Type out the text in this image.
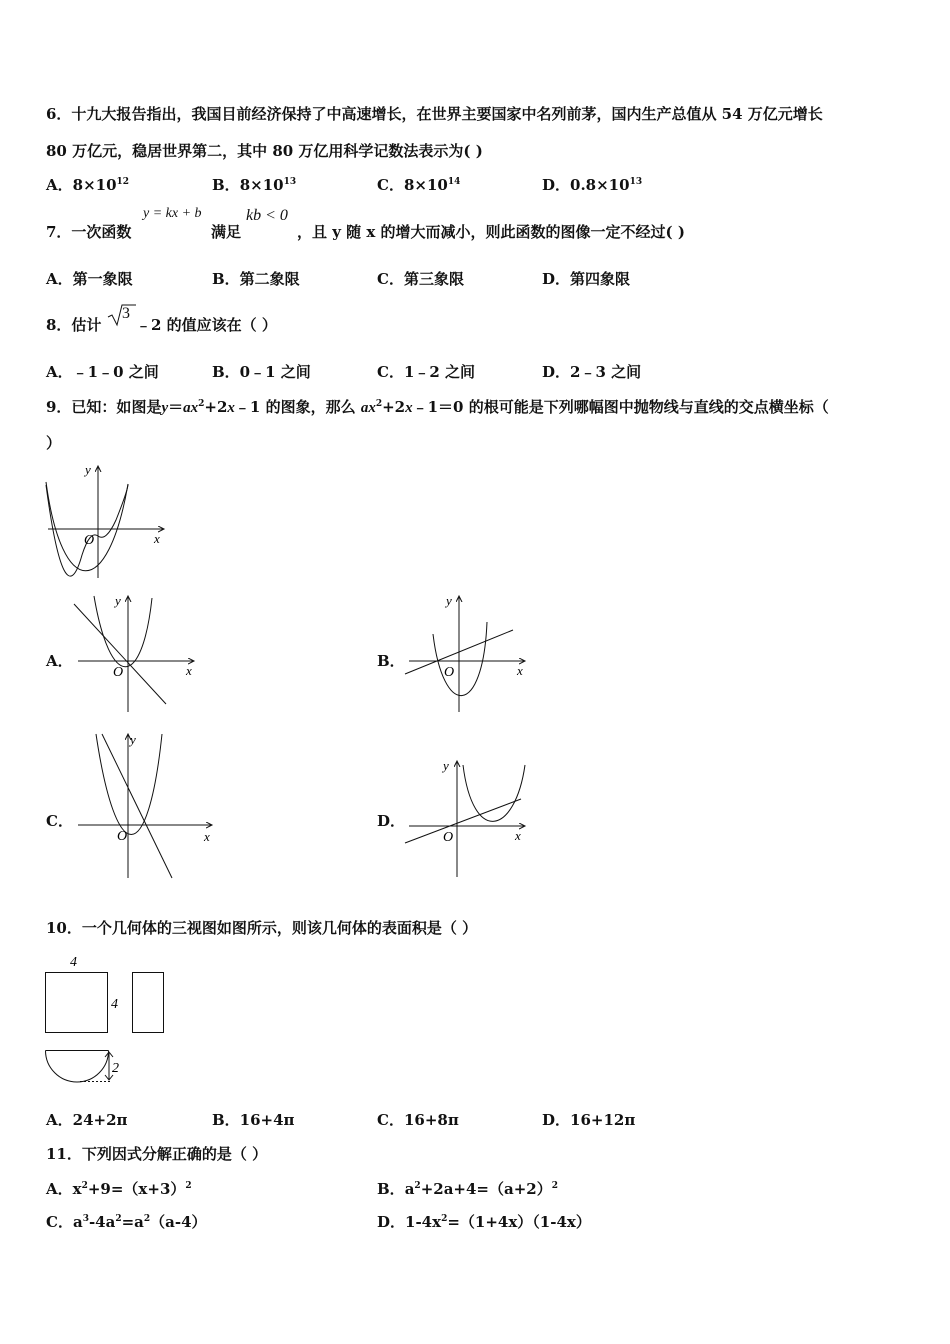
6．十九大报告指出，我国目前经济保持了中高速增长，在世界主要国家中名列前茅，国内生产总值从 54 万亿元增长
80 万亿元，稳居世界第二，其中 80 万亿用科学记数法表示为( )
A．$8\times 10^{12}$	B．$8\times 10^{13}$	C．$8\times 10^{14}$	D．$0.8\times 10^{13}$
7．一次函数
y = kx + b
满足
kb < 0
，且 y 随 x 的增大而减小，则此函数的图像一定不经过( )
A．第一象限	B．第二象限	C．第三象限	D．第四象限
8．估计
3
﹣2 的值应该在（ ）
A．﹣1﹣0 之间	B．0﹣1 之间	C．1﹣2 之间	D．2﹣3 之间
9．已知：如图是$y=ax^2+2x﹣1$ 的图象，那么 $ax^2+2x﹣1=0$ 的根可能是下列哪幅图中抛物线与直线的交点横坐标（
）
O	x
y
A．
O	x
y
B．
O	x
y
C．
O	x
y
D．
O	x
y
10．一个几何体的三视图如图所示，则该几何体的表面积是（ ）
4
4
2
A．24+2π	B．16+4π	C．16+8π	D．16+12π
11．下列因式分解正确的是（ ）
A．$x^2+9=(x+3)^2$	B．$a^2+2a+4=(a+2)^2$
C．$a^3-4a^2=a^2(a-4)$	D．$1-4x^2=(1+4x)(1-4x)$
